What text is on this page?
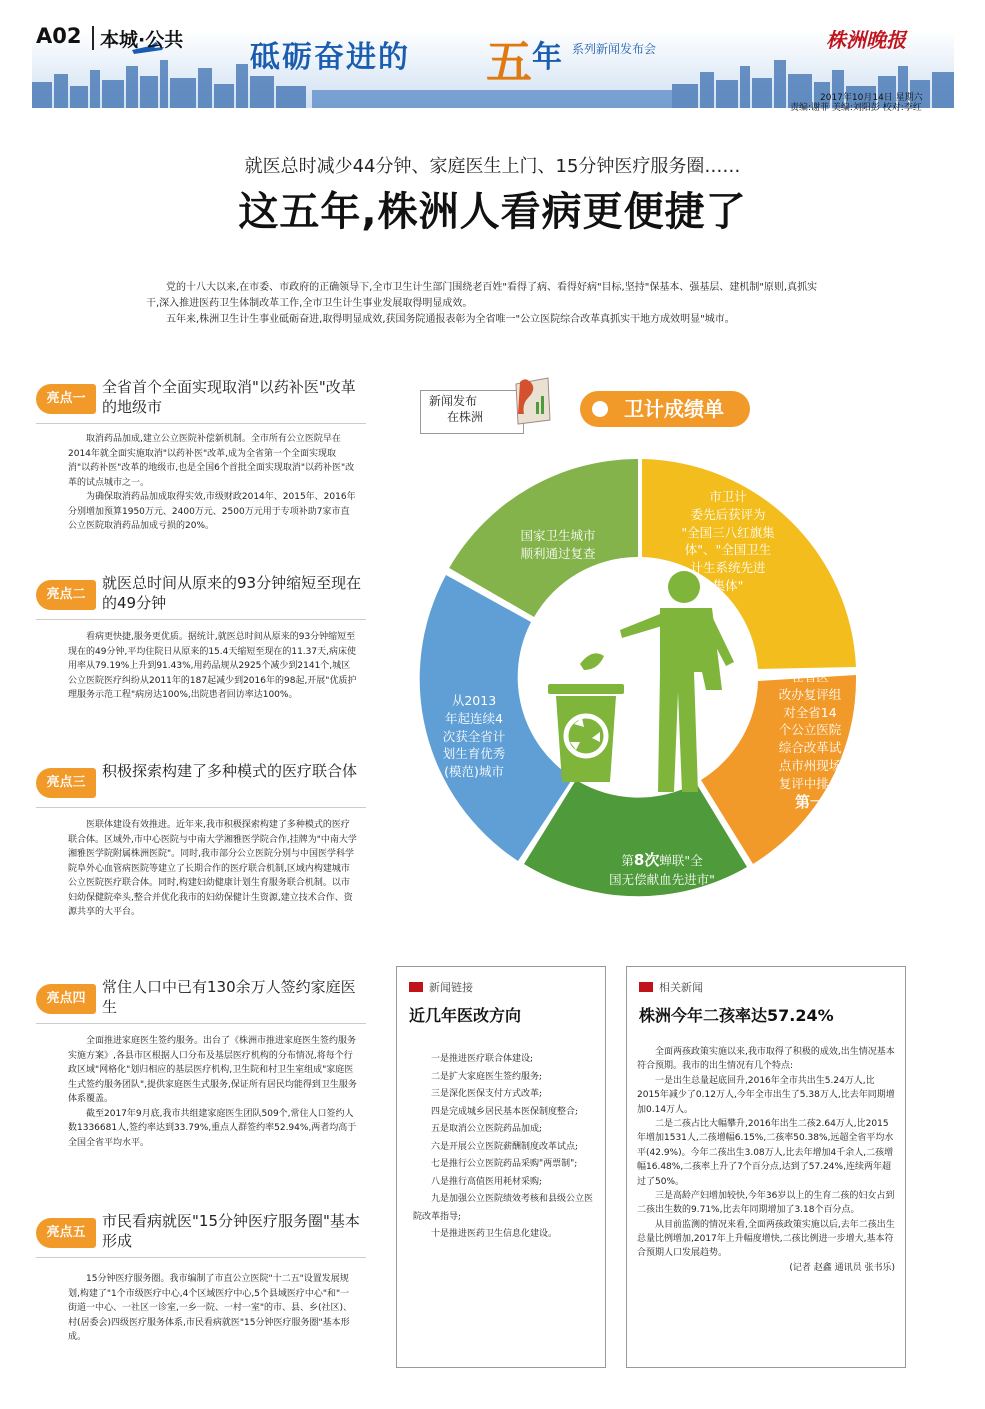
A02 本城·公共 砥砺奋进的 五 年 系列新闻发布会	株洲晚报
2017年10月14日 星期六
责编:谢菲 美编:刘阳彭 校对:李红
就医总时减少44分钟、家庭医生上门、15分钟医疗服务圈……
这五年,株洲人看病更便捷了

党的十八大以来,在市委、市政府的正确领导下,全市卫生计生部门围绕老百姓"看得了病、看得好病"目标,坚持"保基本、强基层、建机制"原则,真抓实干,深入推进医药卫生体制改革工作,全市卫生计生事业发展取得明显成效。

五年来,株洲卫生计生事业砥砺奋进,取得明显成效,获国务院通报表彰为全省唯一"公立医院综合改革真抓实干地方成效明显"城市。

亮点一
全省首个全面实现取消"以药补医"改革的地级市

取消药品加成,建立公立医院补偿新机制。全市所有公立医院早在2014年就全面实施取消"以药补医"改革,成为全省第一个全面实现取消"以药补医"改革的地级市,也是全国6个首批全面实现取消"以药补医"改革的试点城市之一。

为确保取消药品加成取得实效,市级财政2014年、2015年、2016年分别增加预算1950万元、2400万元、2500万元用于专项补助7家市直公立医院取消药品加成亏损的20%。

亮点二
就医总时间从原来的93分钟缩短至现在的49分钟

看病更快捷,服务更优质。据统计,就医总时间从原来的93分钟缩短至现在的49分钟,平均住院日从原来的15.4天缩短至现在的11.37天,病床使用率从79.19%上升到91.43%,用药品规从2925个减少到2141个,城区公立医院医疗纠纷从2011年的187起减少到2016年的98起,开展"优质护理服务示范工程"病房达100%,出院患者回访率达100%。

亮点三
积极探索构建了多种模式的医疗联合体

医联体建设有效推进。近年来,我市积极探索构建了多种模式的医疗联合体。区域外,市中心医院与中南大学湘雅医学院合作,挂牌为"中南大学湘雅医学院附属株洲医院"。同时,我市部分公立医院分别与中国医学科学院阜外心血管病医院等建立了长期合作的医疗联合机制,区域内构建城市公立医院医疗联合体。同时,构建妇幼健康计划生育服务联合机制。以市妇幼保健院牵头,整合并优化我市的妇幼保健计生资源,建立技术合作、资源共享的大平台。

亮点四
常住人口中已有130余万人签约家庭医生

全面推进家庭医生签约服务。出台了《株洲市推进家庭医生签约服务实施方案》,各县市区根据人口分布及基层医疗机构的分布情况,将每个行政区域"网格化"划归相应的基层医疗机构,卫生院和村卫生室组成"家庭医生式签约服务团队",提供家庭医生式服务,保证所有居民均能得到卫生服务体系覆盖。

截至2017年9月底,我市共组建家庭医生团队509个,常住人口签约人数1336681人,签约率达到33.79%,重点人群签约率52.94%,两者均高于全国全省平均水平。

亮点五
市民看病就医"15分钟医疗服务圈"基本形成

15分钟医疗服务圈。我市编制了市直公立医院"十二五"设置发展规划,构建了"1个市级医疗中心,4个区域医疗中心,5个县域医疗中心"和"一街道一中心、一社区一诊室,一乡一院、一村一室"的市、县、乡(社区)、村(居委会)四级医疗服务体系,市民看病就医"15分钟医疗服务圈"基本形成。

新闻发布
在株洲	卫计成绩单
国家卫生城市
顺利通过复查
市卫计
委先后获评为
"全国三八红旗集
体"、"全国卫生
计生系统先进
集体"
在省医
改办复评组
对全省14
个公立医院
综合改革试
点市州现场
复评中排名
第一
第8次蝉联"全
国无偿献血先进市"
从2013
年起连续4
次获全省计
划生育优秀
(模范)城市
新闻链接
近几年医改方向

一是推进医疗联合体建设;

二是扩大家庭医生签约服务;

三是深化医保支付方式改革;

四是完成城乡居民基本医保制度整合;

五是取消公立医院药品加成;

六是开展公立医院薪酬制度改革试点;

七是推行公立医院药品采购"两票制";

八是推行高值医用耗材采购;

九是加强公立医院绩效考核和县级公立医院改革指导;

十是推进医药卫生信息化建设。

相关新闻
株洲今年二孩率达57.24%

全面两孩政策实施以来,我市取得了积极的成效,出生情况基本符合预期。我市的出生情况有几个特点:

一是出生总量起底回升,2016年全市共出生5.24万人,比2015年减少了0.12万人,今年全市出生了5.38万人,比去年同期增加0.14万人。

二是二孩占比大幅攀升,2016年出生二孩2.64万人,比2015年增加1531人,二孩增幅6.15%,二孩率50.38%,远超全省平均水平(42.9%)。今年二孩出生3.08万人,比去年增加4千余人,二孩增幅16.48%,二孩率上升了7个百分点,达到了57.24%,连续两年超过了50%。

三是高龄产妇增加较快,今年36岁以上的生育二孩的妇女占到二孩出生数的9.71%,比去年同期增加了3.18个百分点。

从目前监测的情况来看,全面两孩政策实施以后,去年二孩出生总量比例增加,2017年上升幅度增快,二孩比例进一步增大,基本符合预期人口发展趋势。

(记者 赵鑫 通讯员 张书乐)
